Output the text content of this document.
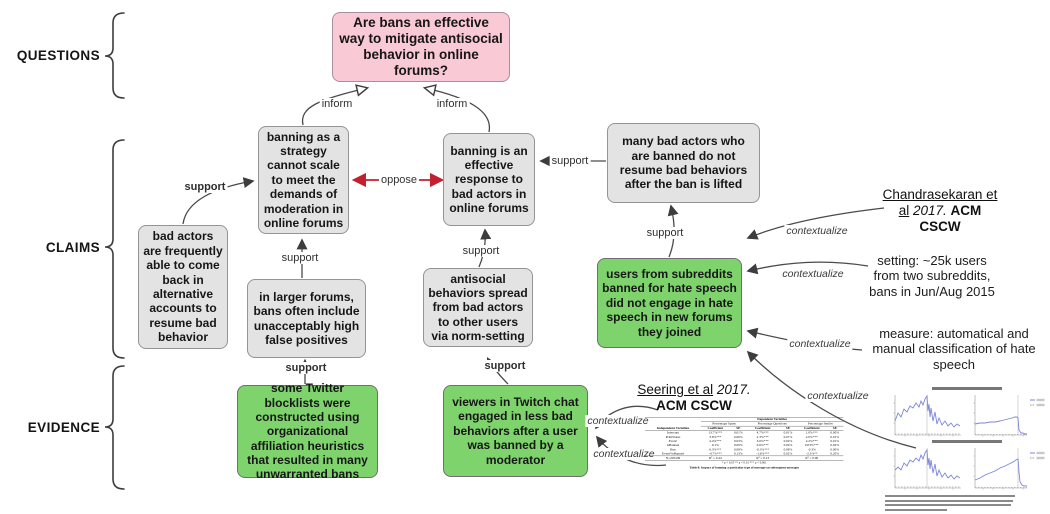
QUESTIONS
CLAIMS
EVIDENCE
Are bans an effective way to mitigate antisocial behavior in online forums?
banning as a strategy cannot scale to meet the demands of moderation in online forums
banning is an effective response to bad actors in online forums
many bad actors who are banned do not resume bad behaviors after the ban is lifted
bad actors are frequently able to come back in alternative accounts to resume bad behavior
in larger forums, bans often include unacceptably high false positives
antisocial behaviors spread from bad actors to other users via norm-setting
some Twitter blocklists were constructed using organizational affiliation heuristics that resulted in many unwarranted bans
viewers in Twitch chat engaged in less bad behaviors after a user was banned by a moderator
users from subreddits banned for hate speech did not engage in hate speech in new forums they joined
inform	inform
oppose
support
support
support
support
support
support	support
contextualize
contextualize
contextualize
contextualize
contextualize
contextualize
Chandrasekaran et al 2017. ACM CSCW
setting: ~25k users from two subreddits, bans in Jun/Aug 2015
measure: automatical and manual classification of hate speech
Seering et al 2017. ACM CSCW
	Dependent Variables					
	Percentage Spam		Percentage Questions		Percentage Smiles	
Independent Variables	Coefficient	SE	Coefficient	SE	Coefficient	SE
Intercept	13.7%***	0.01%	4.7%***	0.01%	1.0%***	0.00%
PrimStatus	3.6%***	0.06%	2.3%***	0.07%	2.0%***	0.01%
Event'	4.4%***	0.03%	3.6%***	0.02%	2.2%***	0.01%
isBanned	0.1%	0.09%	0.6%***	0.04%	0.03%***	0.02%
Ban	6.3%***	0.08%	-0.3%***	0.08%	-0.3%	0.00%
Event*isBanned	-4.7%***	0.13%	-1.6%***	0.02%	-2.3%**	0.20%
N=205436	R² = 0.44		R² = 0.13		R² = 0.06	
* p < 0.05 ** p < 0.01 *** p < 0.001
Table 8: Impact of banning a particular type of message on subsequent messages
